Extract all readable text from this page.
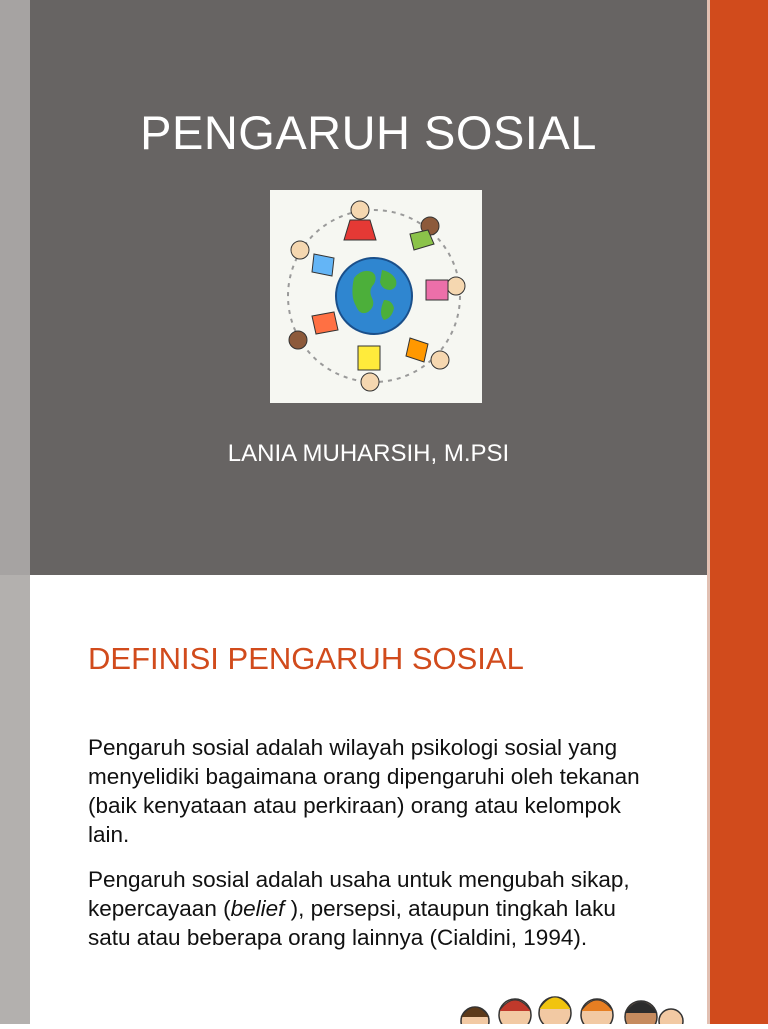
PENGARUH SOSIAL
LANIA MUHARSIH, M.PSI
DEFINISI PENGARUH SOSIAL

Pengaruh sosial adalah wilayah psikologi sosial yang menyelidiki bagaimana orang dipengaruhi oleh tekanan (baik kenyataan atau perkiraan) orang atau kelompok lain.

Pengaruh sosial adalah usaha untuk mengubah sikap, kepercayaan (belief ), persepsi, ataupun tingkah laku satu atau beberapa orang lainnya (Cialdini, 1994).
